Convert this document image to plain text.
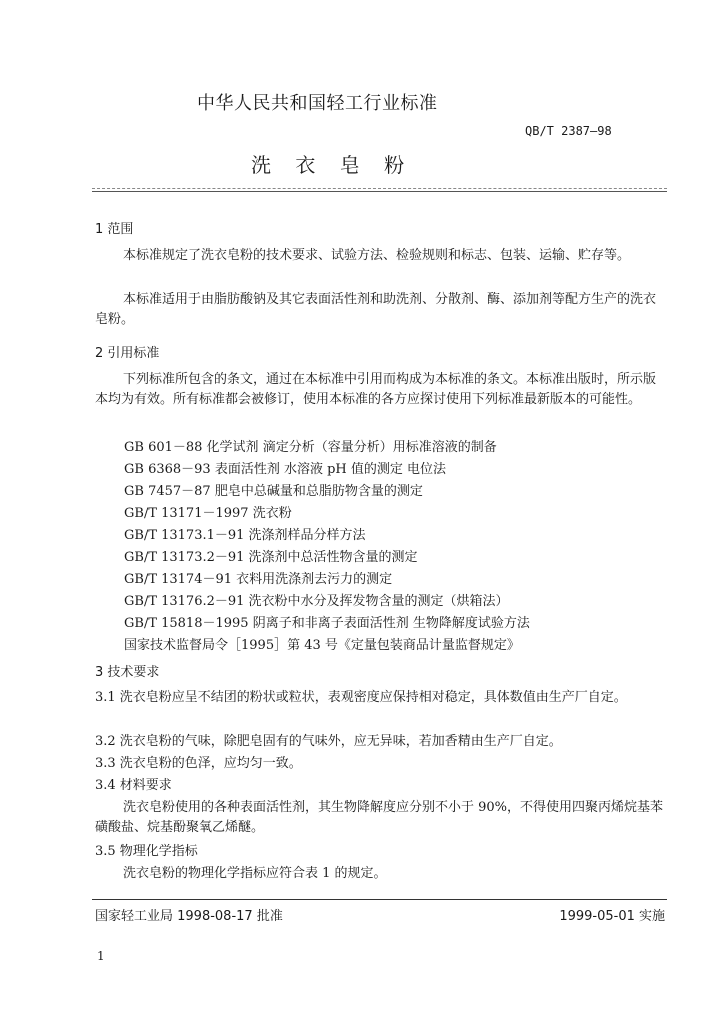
中华人民共和国轻工行业标准
QB/T 2387—98
洗 衣 皂 粉
1 范围
本标准规定了洗衣皂粉的技术要求、试验方法、检验规则和标志、包装、运输、贮存等。
本标准适用于由脂肪酸钠及其它表面活性剂和助洗剂、分散剂、酶、添加剂等配方生产的洗衣皂粉。
2 引用标准
下列标准所包含的条文，通过在本标准中引用而构成为本标准的条文。本标准出版时，所示版本均为有效。所有标准都会被修订，使用本标准的各方应探讨使用下列标准最新版本的可能性。
GB 601－88 化学试剂 滴定分析（容量分析）用标准溶液的制备
GB 6368－93 表面活性剂 水溶液 pH 值的测定 电位法
GB 7457－87 肥皂中总碱量和总脂肪物含量的测定
GB/T 13171－1997 洗衣粉
GB/T 13173.1－91 洗涤剂样品分样方法
GB/T 13173.2－91 洗涤剂中总活性物含量的测定
GB/T 13174－91 衣料用洗涤剂去污力的测定
GB/T 13176.2－91 洗衣粉中水分及挥发物含量的测定（烘箱法）
GB/T 15818－1995 阴离子和非离子表面活性剂 生物降解度试验方法
国家技术监督局令［1995］第 43 号《定量包装商品计量监督规定》
3 技术要求
3.1 洗衣皂粉应呈不结团的粉状或粒状，表观密度应保持相对稳定，具体数值由生产厂自定。
3.2 洗衣皂粉的气味，除肥皂固有的气味外，应无异味，若加香精由生产厂自定。
3.3 洗衣皂粉的色泽，应均匀一致。
3.4 材料要求
洗衣皂粉使用的各种表面活性剂，其生物降解度应分别不小于 90%，不得使用四聚丙烯烷基苯磺酸盐、烷基酚聚氧乙烯醚。
3.5 物理化学指标
洗衣皂粉的物理化学指标应符合表 1 的规定。
国家轻工业局 1998-08-17 批准	1999-05-01 实施
1
